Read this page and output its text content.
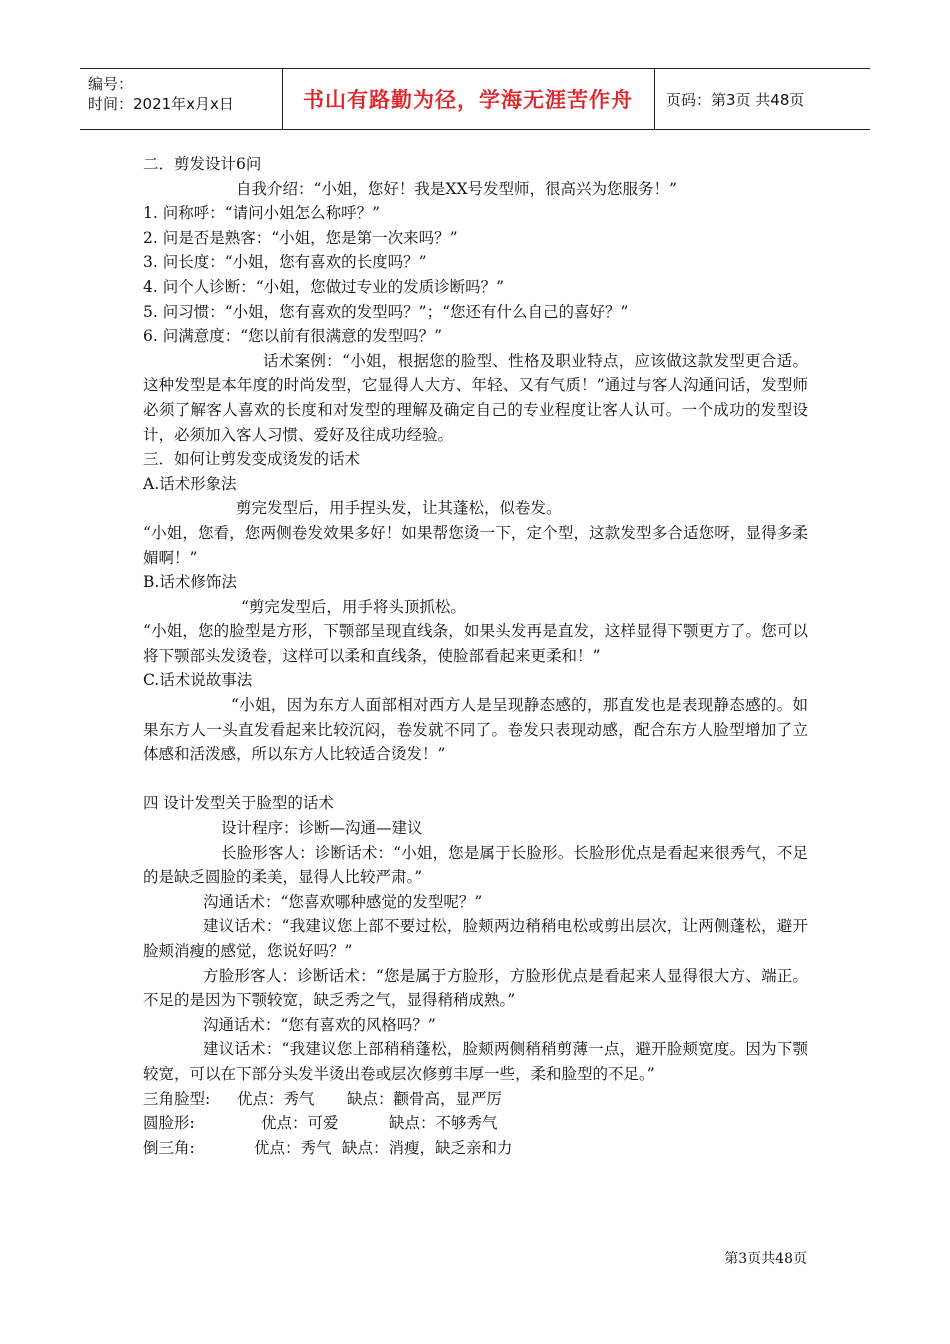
编号：
时间：2021年x月x日	书山有路勤为径，学海无涯苦作舟 页码：第3页 共48页

二．剪发设计6问

自我介绍：“小姐，您好！我是XX号发型师，很高兴为您服务！”

1. 问称呼：“请问小姐怎么称呼？”

2. 问是否是熟客：“小姐，您是第一次来吗？”

3. 问长度：“小姐，您有喜欢的长度吗？”

4. 问个人诊断：“小姐，您做过专业的发质诊断吗？”

5. 问习惯：“小姐，您有喜欢的发型吗？”；“您还有什么自己的喜好？”

6. 问满意度：“您以前有很满意的发型吗？”

话术案例：“小姐，根据您的脸型、性格及职业特点，应该做这款发型更合适。这种发型是本年度的时尚发型，它显得人大方、年轻、又有气质！”通过与客人沟通问话，发型师必须了解客人喜欢的长度和对发型的理解及确定自己的专业程度让客人认可。一个成功的发型设计，必须加入客人习惯、爱好及往成功经验。

三．如何让剪发变成烫发的话术

A.话术形象法

剪完发型后，用手捏头发，让其蓬松，似卷发。

“小姐，您看，您两侧卷发效果多好！如果帮您烫一下，定个型，这款发型多合适您呀，显得多柔媚啊！”

B.话术修饰法

“剪完发型后，用手将头顶抓松。

“小姐，您的脸型是方形，下颚部呈现直线条，如果头发再是直发，这样显得下颚更方了。您可以将下颚部头发烫卷，这样可以柔和直线条，使脸部看起来更柔和！”

C.话术说故事法

“小姐，因为东方人面部相对西方人是呈现静态感的，那直发也是表现静态感的。如果东方人一头直发看起来比较沉闷，卷发就不同了。卷发只表现动感，配合东方人脸型增加了立体感和活泼感，所以东方人比较适合烫发！”

四 设计发型关于脸型的话术

设计程序：诊断—沟通—建议

长脸形客人：诊断话术：“小姐，您是属于长脸形。长脸形优点是看起来很秀气，不足的是缺乏圆脸的柔美，显得人比较严肃。”

沟通话术：“您喜欢哪种感觉的发型呢？”

建议话术：“我建议您上部不要过松，脸颊两边稍稍电松或剪出层次，让两侧蓬松，避开脸颊消瘦的感觉，您说好吗？”

方脸形客人：诊断话术：“您是属于方脸形，方脸形优点是看起来人显得很大方、端正。不足的是因为下颚较宽，缺乏秀之气，显得稍稍成熟。”

沟通话术：“您有喜欢的风格吗？”

建议话术：“我建议您上部稍稍蓬松，脸颊两侧稍稍剪薄一点，避开脸颊宽度。因为下颚较宽，可以在下部分头发半烫出卷或层次修剪丰厚一些，柔和脸型的不足。”

三角脸型: 优点：秀气 缺点：颧骨高，显严厉

圆脸形:	优点：可爱	缺点：不够秀气

倒三角:	优点：秀气 缺点：消瘦，缺乏亲和力

第3页共48页
